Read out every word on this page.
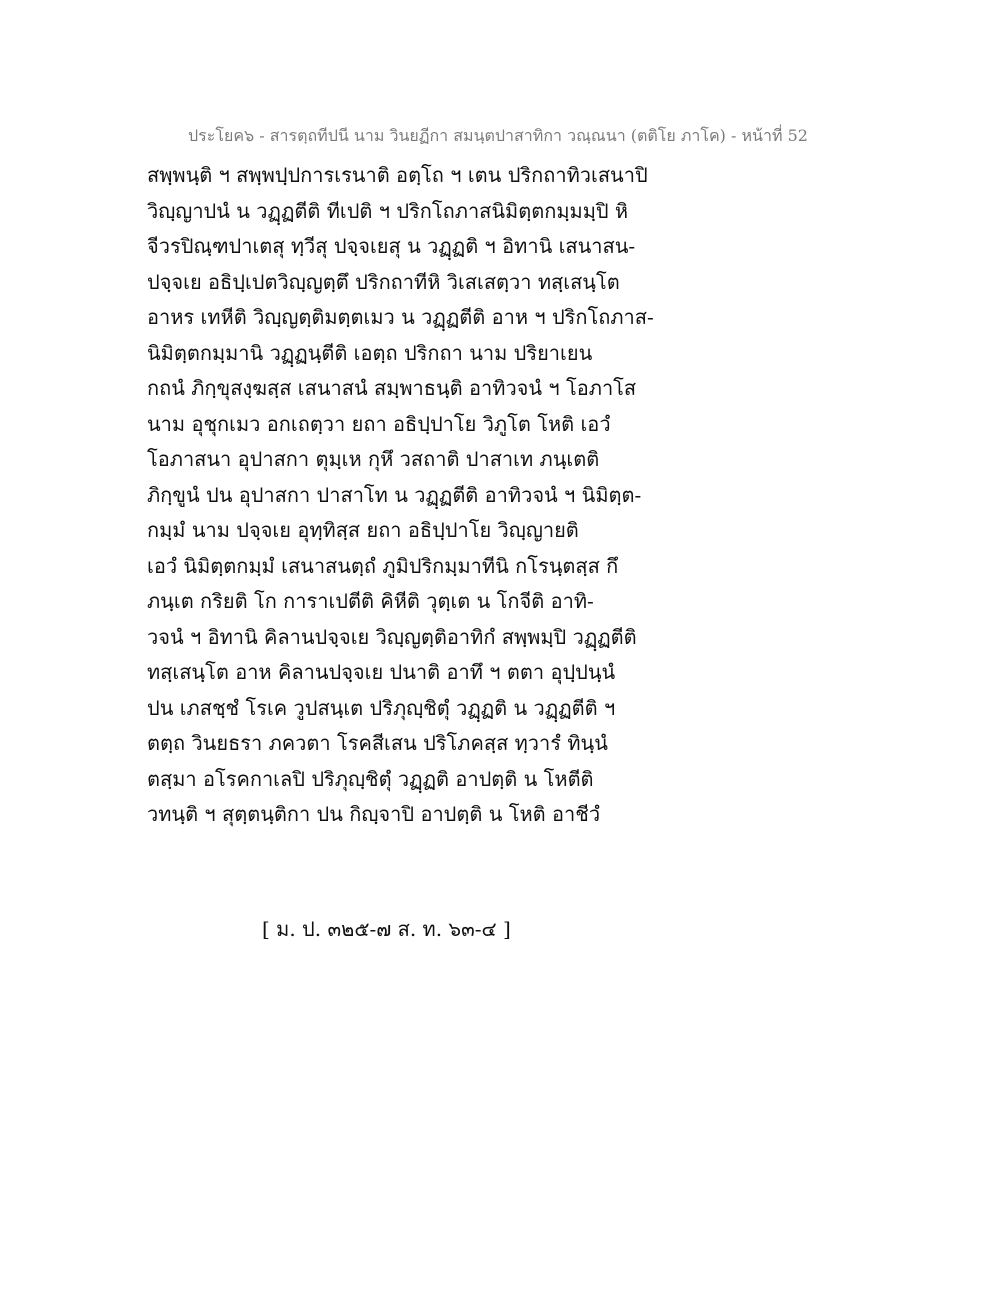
ประโยค๖ - สารตฺถทีปนี นาม วินยฏีกา สมนฺตปาสาทิกา วณฺณนา (ตติโย ภาโค) - หน้าที่ 52
สพฺพนฺติ ฯ สพฺพปฺปการเรนาติ อตฺโถ ฯ เตน ปริกถาทิวเสนาปิ
วิญฺญาปนํ น วฏฺฏตีติ ทีเปติ ฯ ปริกโถภาสนิมิตฺตกมฺมมฺปิ หิ
จีวรปิณฺฑปาเตสุ ทฺวีสุ ปจฺจเยสุ น วฏฺฏติ ฯ อิทานิ เสนาสน-
ปจฺจเย อธิปฺเปตวิญฺญตฺตึ ปริกถาทีหิ วิเสเสตฺวา ทสฺเสนฺโต
อาหร เทหีติ วิญฺญตฺติมตฺตเมว น วฏฺฏตีติ อาห ฯ ปริกโถภาส-
นิมิตฺตกมฺมานิ วฏฺฏนฺตีติ เอตฺถ ปริกถา นาม ปริยาเยน
กถนํ ภิกฺขุสงฺฆสฺส เสนาสนํ สมฺพาธนฺติ อาทิวจนํ ฯ โอภาโส
นาม อุชุกเมว อกเถตฺวา ยถา อธิปฺปาโย วิภูโต โหติ เอวํ
โอภาสนา อุปาสกา ตุมฺเห กุหึ วสถาติ ปาสาเท ภนฺเตติ
ภิกฺขูนํ ปน อุปาสกา ปาสาโท น วฏฺฏตีติ อาทิวจนํ ฯ นิมิตฺต-
กมฺมํ นาม ปจฺจเย อุทฺทิสฺส ยถา อธิปฺปาโย วิญฺญายติ
เอวํ นิมิตฺตกมฺมํ เสนาสนตฺถํ ภูมิปริกมฺมาทีนิ กโรนฺตสฺส กึ
ภนฺเต กริยติ โก การาเปตีติ คิหีติ วุตฺเต น โกจีติ อาทิ-
วจนํ ฯ อิทานิ คิลานปจฺจเย วิญฺญตฺติอาทิกํ สพฺพมฺปิ วฏฺฏตีติ
ทสฺเสนฺโต อาห คิลานปจฺจเย ปนาติ อาทึ ฯ ตตา อุปฺปนฺนํ
ปน เภสชฺชํ โรเค วูปสนฺเต ปริภุญฺชิตุํ วฏฺฏติ น วฏฺฏตีติ ฯ
ตตฺถ วินยธรา ภควตา โรคสีเสน ปริโภคสฺส ทฺวารํ ทินฺนํ
ตสฺมา อโรคกาเลปิ ปริภุญฺชิตุํ วฏฺฏติ อาปตฺติ น โหตีติ
วทนฺติ ฯ สุตฺตนฺติกา ปน กิญฺจาปิ อาปตฺติ น โหติ อาชีวํ
[ ม. ป. ๓๒๕-๗ ส. ท. ๖๓-๔ ]
